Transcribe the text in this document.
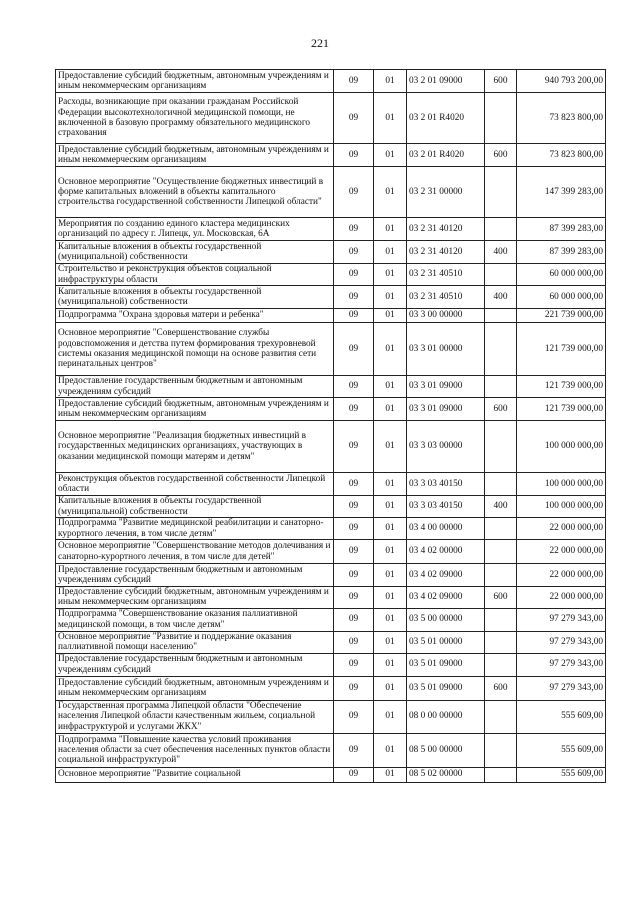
221
Предоставление субсидий бюджетным, автономным учреждениям и иным некоммерческим организациям	09	01	03 2 01 09000	600	940 793 200,00
Расходы, возникающие при оказании гражданам Российской Федерации высокотехнологичной медицинской помощи, не включенной в базовую программу обязательного медицинского страхования	09	01	03 2 01 R4020		73 823 800,00
Предоставление субсидий бюджетным, автономным учреждениям и иным некоммерческим организациям	09	01	03 2 01 R4020	600	73 823 800,00
Основное мероприятие "Осуществление бюджетных инвестиций в форме капитальных вложений в объекты капитального строительства государственной собственности Липецкой области"	09	01	03 2 31 00000		147 399 283,00
Мероприятия по созданию единого кластера медицинских организаций по адресу г. Липецк, ул. Московская, 6А	09	01	03 2 31 40120		87 399 283,00
Капитальные вложения в объекты государственной (муниципальной) собственности	09	01	03 2 31 40120	400	87 399 283,00
Строительство и реконструкция объектов социальной инфраструктуры области	09	01	03 2 31 40510		60 000 000,00
Капитальные вложения в объекты государственной (муниципальной) собственности	09	01	03 2 31 40510	400	60 000 000,00
Подпрограмма "Охрана здоровья матери и ребенка"	09	01	03 3 00 00000		221 739 000,00
Основное мероприятие "Совершенствование службы родовспоможения и детства путем формирования трехуровневой системы оказания медицинской помощи на основе развития сети перинатальных центров"	09	01	03 3 01 00000		121 739 000,00
Предоставление государственным бюджетным и автономным учреждениям субсидий	09	01	03 3 01 09000		121 739 000,00
Предоставление субсидий бюджетным, автономным учреждениям и иным некоммерческим организациям	09	01	03 3 01 09000	600	121 739 000,00
Основное мероприятие "Реализация бюджетных инвестиций в государственных медицинских организациях, участвующих в оказании медицинской помощи матерям и детям"	09	01	03 3 03 00000		100 000 000,00
Реконструкция объектов государственной собственности Липецкой области	09	01	03 3 03 40150		100 000 000,00
Капитальные вложения в объекты государственной (муниципальной) собственности	09	01	03 3 03 40150	400	100 000 000,00
Подпрограмма "Развитие медицинской реабилитации и санаторно-курортного лечения, в том числе детям"	09	01	03 4 00 00000		22 000 000,00
Основное мероприятие "Совершенствование методов долечивания и санаторно-курортного лечения, в том числе для детей"	09	01	03 4 02 00000		22 000 000,00
Предоставление государственным бюджетным и автономным учреждениям субсидий	09	01	03 4 02 09000		22 000 000,00
Предоставление субсидий бюджетным, автономным учреждениям и иным некоммерческим организациям	09	01	03 4 02 09000	600	22 000 000,00
Подпрограмма "Совершенствование оказания паллиативной медицинской помощи, в том числе детям"	09	01	03 5 00 00000		97 279 343,00
Основное мероприятие "Развитие и поддержание оказания паллиативной помощи населению"	09	01	03 5 01 00000		97 279 343,00
Предоставление государственным бюджетным и автономным учреждениям субсидий	09	01	03 5 01 09000		97 279 343,00
Предоставление субсидий бюджетным, автономным учреждениям и иным некоммерческим организациям	09	01	03 5 01 09000	600	97 279 343,00
Государственная программа Липецкой области "Обеспечение населения Липецкой области качественным жильем, социальной инфраструктурой и услугами ЖКХ"	09	01	08 0 00 00000		555 609,00
Подпрограмма "Повышение качества условий проживания населения области за счет обеспечения населенных пунктов области социальной инфраструктурой"	09	01	08 5 00 00000		555 609,00
Основное мероприятие "Развитие социальной	09	01	08 5 02 00000		555 609,00
